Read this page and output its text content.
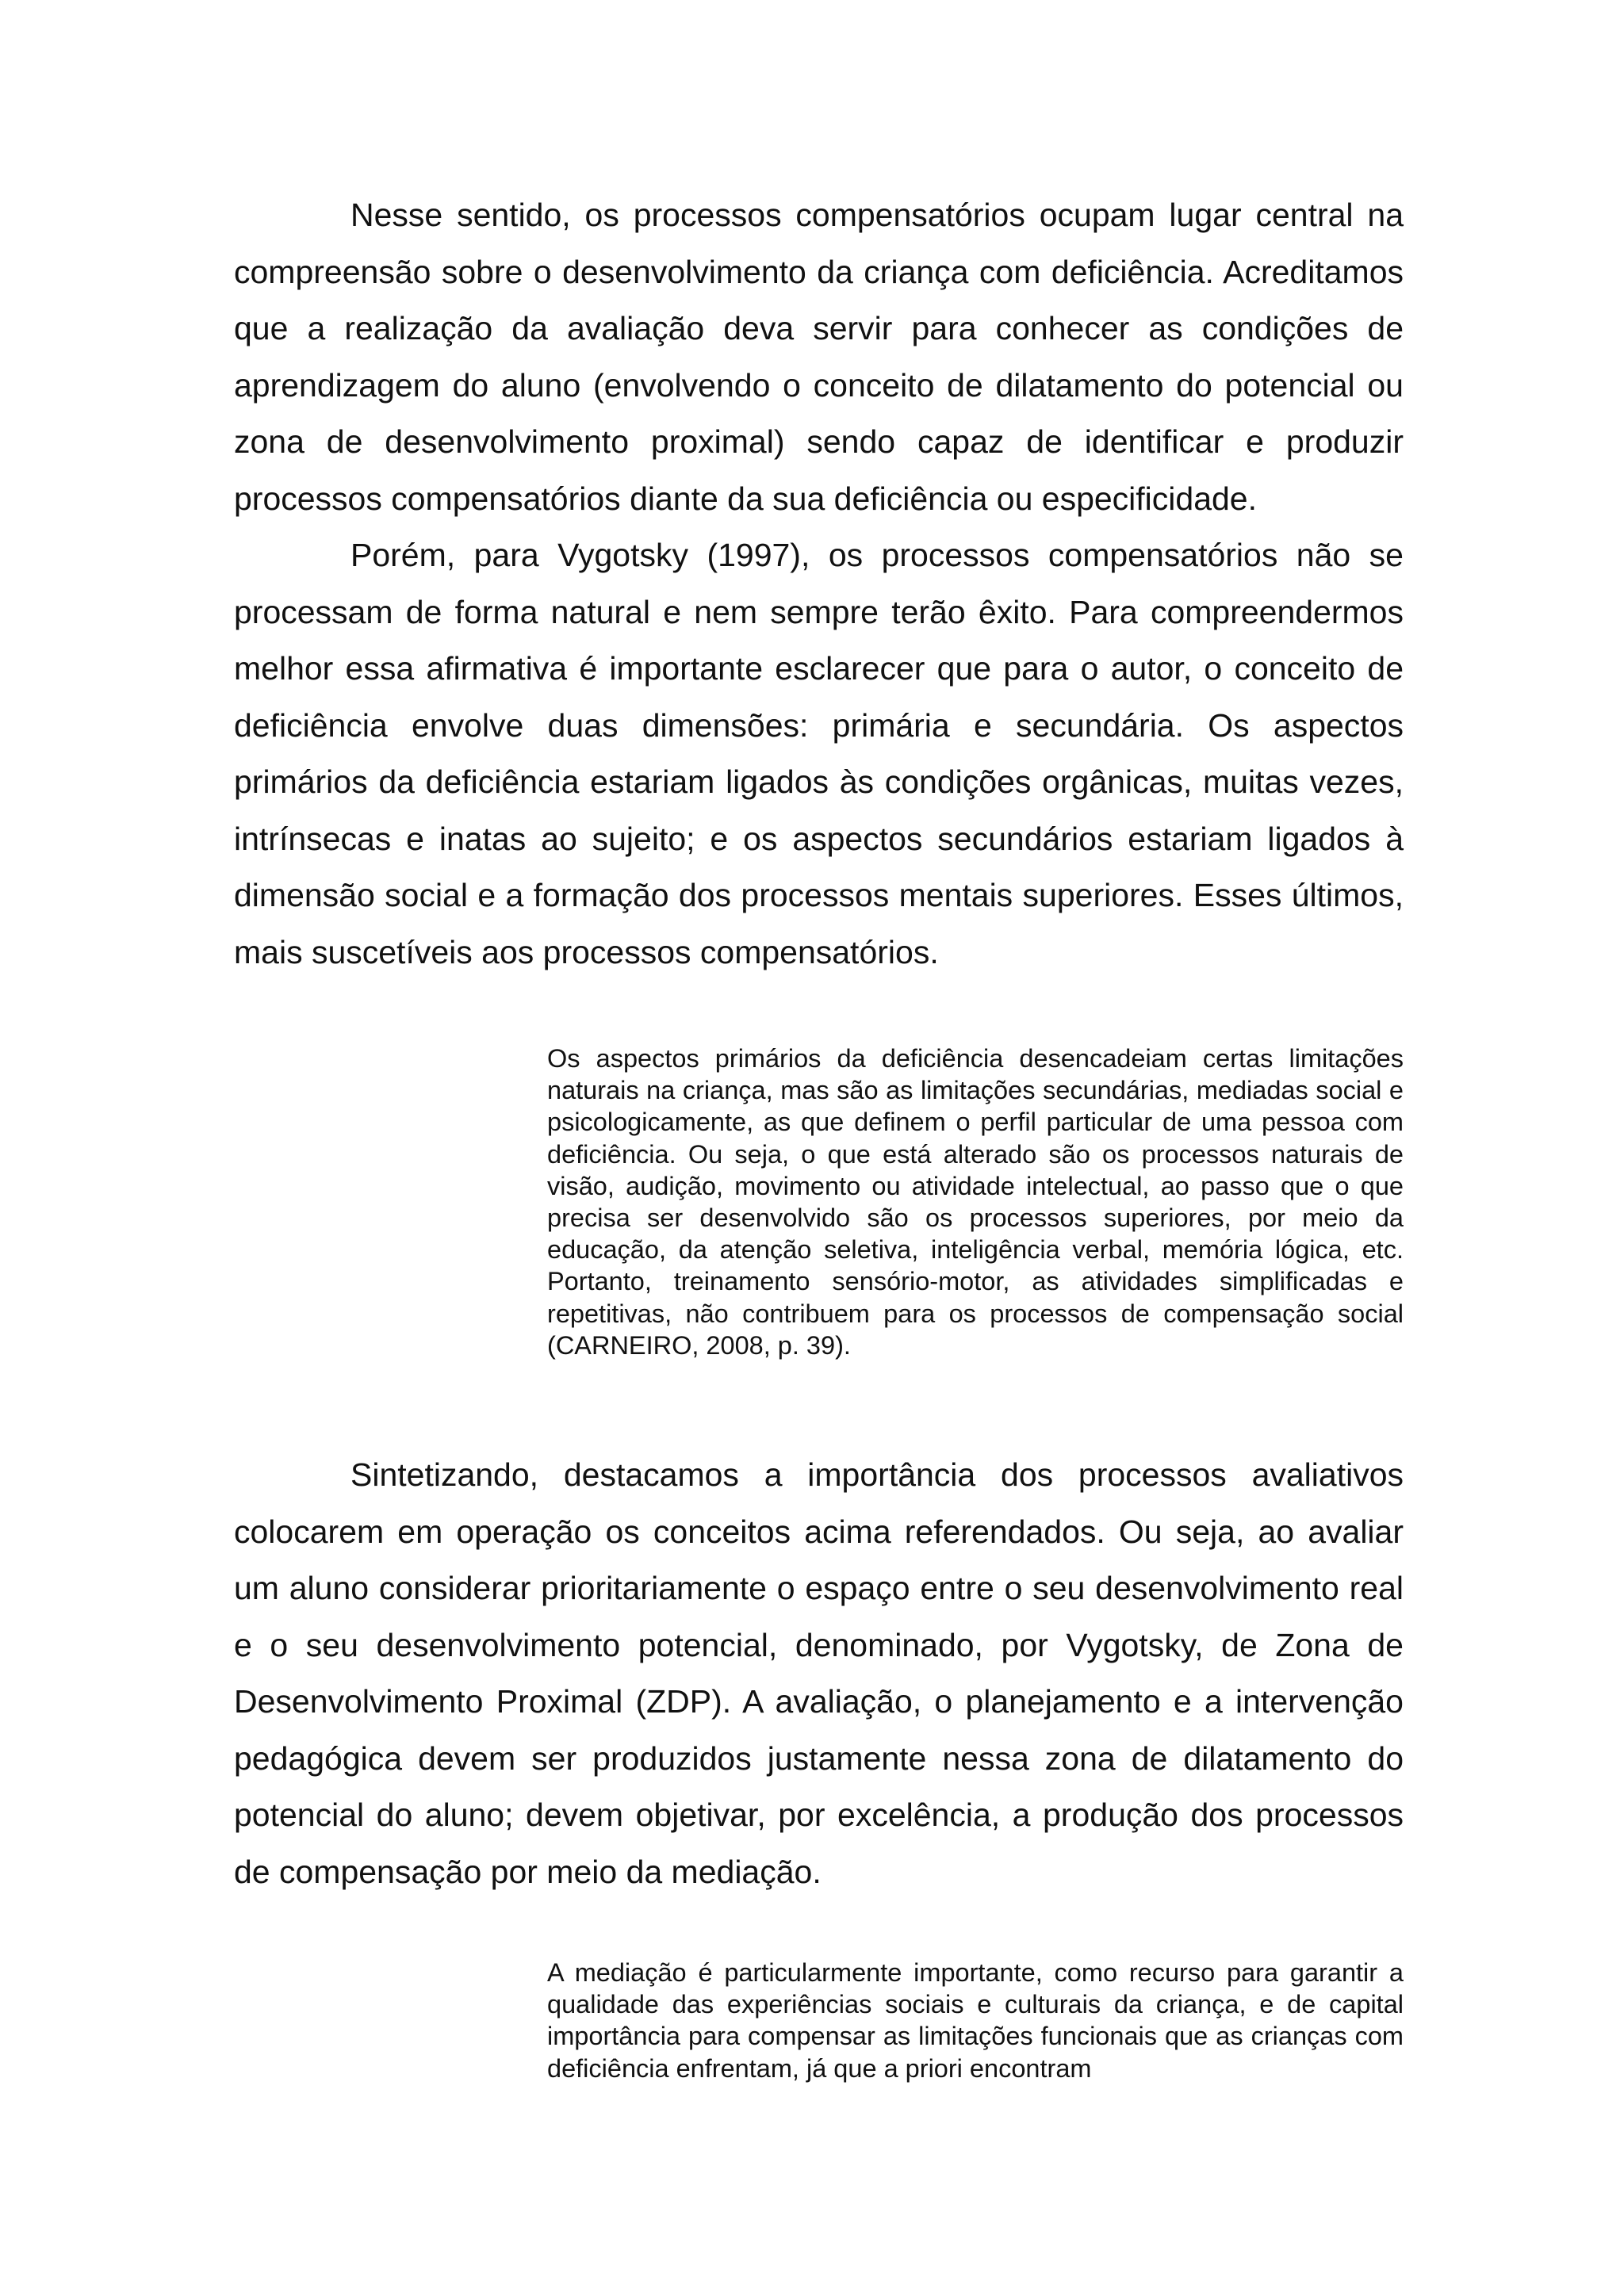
Nesse sentido, os processos compensatórios ocupam lugar central na compreensão sobre o desenvolvimento da criança com deficiência. Acreditamos que a realização da avaliação deva servir para conhecer as condições de aprendizagem do aluno (envolvendo o conceito de dilatamento do potencial ou zona de desenvolvimento proximal) sendo capaz de identificar e produzir processos compensatórios diante da sua deficiência ou especificidade.

Porém, para Vygotsky (1997), os processos compensatórios não se processam de forma natural e nem sempre terão êxito. Para compreendermos melhor essa afirmativa é importante esclarecer que para o autor, o conceito de deficiência envolve duas dimensões: primária e secundária. Os aspectos primários da deficiência estariam ligados às condições orgânicas, muitas vezes, intrínsecas e inatas ao sujeito; e os aspectos secundários estariam ligados à dimensão social e a formação dos processos mentais superiores. Esses últimos, mais suscetíveis aos processos compensatórios.

Os aspectos primários da deficiência desencadeiam certas limitações naturais na criança, mas são as limitações secundárias, mediadas social e psicologicamente, as que definem o perfil particular de uma pessoa com deficiência. Ou seja, o que está alterado são os processos naturais de visão, audição, movimento ou atividade intelectual, ao passo que o que precisa ser desenvolvido são os processos superiores, por meio da educação, da atenção seletiva, inteligência verbal, memória lógica, etc. Portanto, treinamento sensório-motor, as atividades simplificadas e repetitivas, não contribuem para os processos de compensação social (CARNEIRO, 2008, p. 39).

Sintetizando, destacamos a importância dos processos avaliativos colocarem em operação os conceitos acima referendados. Ou seja, ao avaliar um aluno considerar prioritariamente o espaço entre o seu desenvolvimento real e o seu desenvolvimento potencial, denominado, por Vygotsky, de Zona de Desenvolvimento Proximal (ZDP). A avaliação, o planejamento e a intervenção pedagógica devem ser produzidos justamente nessa zona de dilatamento do potencial do aluno; devem objetivar, por excelência, a produção dos processos de compensação por meio da mediação.

A mediação é particularmente importante, como recurso para garantir a qualidade das experiências sociais e culturais da criança, e de capital importância para compensar as limitações funcionais que as crianças com deficiência enfrentam, já que a priori encontram
